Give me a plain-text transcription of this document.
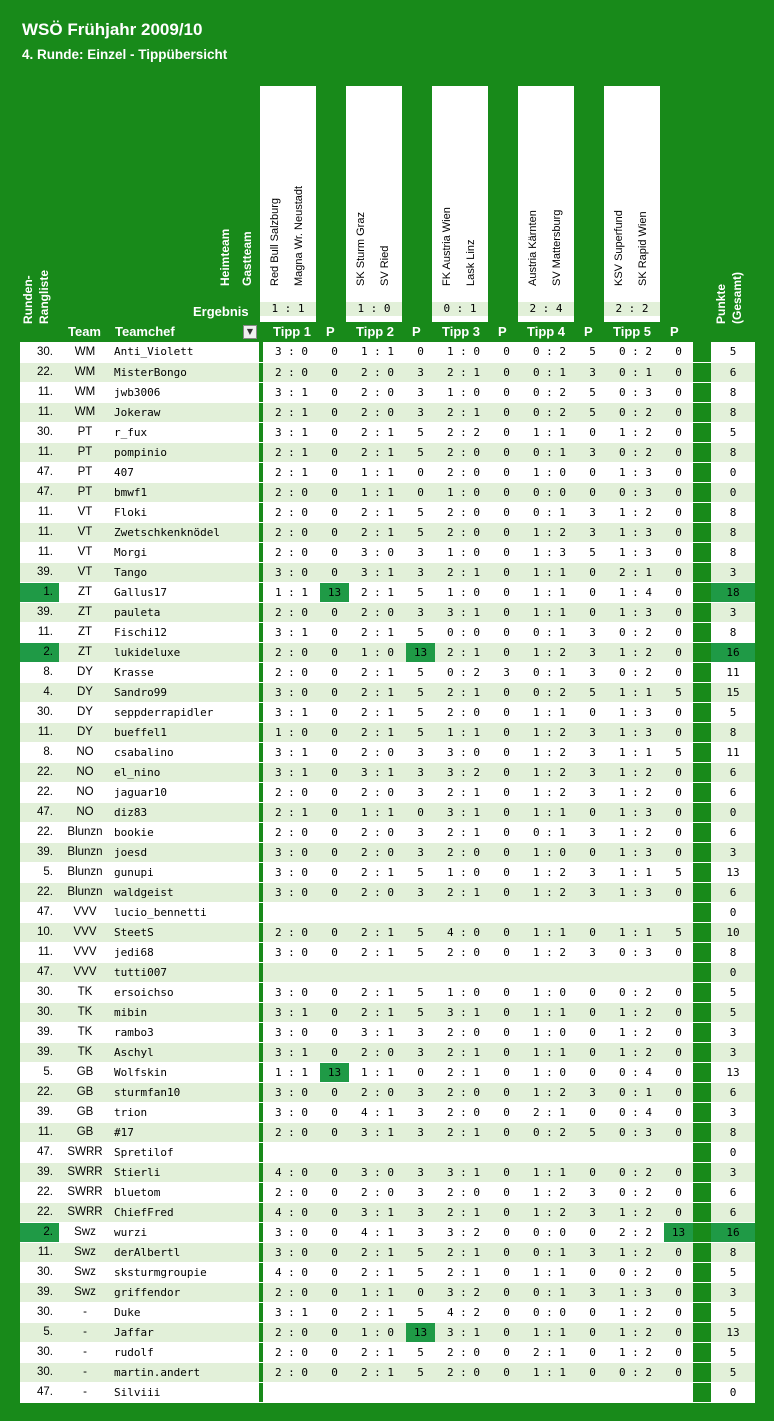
WSÖ Frühjahr 2009/10
4. Runde: Einzel - Tippübersicht
Heimteam Gastteam Red Bull Salzburg Magna Wr. Neustadt
1 : 1
SK Sturm Graz SV Ried
1 : 0
FK Austria Wien Lask Linz
0 : 1
Austria Kärnten SV Mattersburg
2 : 4
KSV Superfund SK Rapid Wien
2 : 2
Runden- Rangliste	Punkte (Gesamt)
Ergebnis
Team Teamchef	▼	Tipp 1 P Tipp 2 P Tipp 3 P Tipp 4 P Tipp 5 P
30.	WM	Anti_Violett		3 : 0	0	1 : 1	0	1 : 0	0	0 : 2	5	0 : 2	0		5
22.	WM	MisterBongo		2 : 0	0	2 : 0	3	2 : 1	0	0 : 1	3	0 : 1	0		6
11.	WM	jwb3006		3 : 1	0	2 : 0	3	1 : 0	0	0 : 2	5	0 : 3	0		8
11.	WM	Jokeraw		2 : 1	0	2 : 0	3	2 : 1	0	0 : 2	5	0 : 2	0		8
30.	PT	r_fux		3 : 1	0	2 : 1	5	2 : 2	0	1 : 1	0	1 : 2	0		5
11.	PT	pompinio		2 : 1	0	2 : 1	5	2 : 0	0	0 : 1	3	0 : 2	0		8
47.	PT	407		2 : 1	0	1 : 1	0	2 : 0	0	1 : 0	0	1 : 3	0		0
47.	PT	bmwf1		2 : 0	0	1 : 1	0	1 : 0	0	0 : 0	0	0 : 3	0		0
11.	VT	Floki		2 : 0	0	2 : 1	5	2 : 0	0	0 : 1	3	1 : 2	0		8
11.	VT	Zwetschkenknödel		2 : 0	0	2 : 1	5	2 : 0	0	1 : 2	3	1 : 3	0		8
11.	VT	Morgi		2 : 0	0	3 : 0	3	1 : 0	0	1 : 3	5	1 : 3	0		8
39.	VT	Tango		3 : 0	0	3 : 1	3	2 : 1	0	1 : 1	0	2 : 1	0		3
1.	ZT	Gallus17		1 : 1	13	2 : 1	5	1 : 0	0	1 : 1	0	1 : 4	0		18
39.	ZT	pauleta		2 : 0	0	2 : 0	3	3 : 1	0	1 : 1	0	1 : 3	0		3
11.	ZT	Fischi12		3 : 1	0	2 : 1	5	0 : 0	0	0 : 1	3	0 : 2	0		8
2.	ZT	lukideluxe		2 : 0	0	1 : 0	13	2 : 1	0	1 : 2	3	1 : 2	0		16
8.	DY	Krasse		2 : 0	0	2 : 1	5	0 : 2	3	0 : 1	3	0 : 2	0		11
4.	DY	Sandro99		3 : 0	0	2 : 1	5	2 : 1	0	0 : 2	5	1 : 1	5		15
30.	DY	seppderrapidler		3 : 1	0	2 : 1	5	2 : 0	0	1 : 1	0	1 : 3	0		5
11.	DY	bueffel1		1 : 0	0	2 : 1	5	1 : 1	0	1 : 2	3	1 : 3	0		8
8.	NO	csabalino		3 : 1	0	2 : 0	3	3 : 0	0	1 : 2	3	1 : 1	5		11
22.	NO	el_nino		3 : 1	0	3 : 1	3	3 : 2	0	1 : 2	3	1 : 2	0		6
22.	NO	jaguar10		2 : 0	0	2 : 0	3	2 : 1	0	1 : 2	3	1 : 2	0		6
47.	NO	diz83		2 : 1	0	1 : 1	0	3 : 1	0	1 : 1	0	1 : 3	0		0
22.	Blunzn	bookie		2 : 0	0	2 : 0	3	2 : 1	0	0 : 1	3	1 : 2	0		6
39.	Blunzn	joesd		3 : 0	0	2 : 0	3	2 : 0	0	1 : 0	0	1 : 3	0		3
5.	Blunzn	gunupi		3 : 0	0	2 : 1	5	1 : 0	0	1 : 2	3	1 : 1	5		13
22.	Blunzn	waldgeist		3 : 0	0	2 : 0	3	2 : 1	0	1 : 2	3	1 : 3	0		6
47.	VVV	lucio_bennetti													0
10.	VVV	SteetS		2 : 0	0	2 : 1	5	4 : 0	0	1 : 1	0	1 : 1	5		10
11.	VVV	jedi68		3 : 0	0	2 : 1	5	2 : 0	0	1 : 2	3	0 : 3	0		8
47.	VVV	tutti007													0
30.	TK	ersoichso		3 : 0	0	2 : 1	5	1 : 0	0	1 : 0	0	0 : 2	0		5
30.	TK	mibin		3 : 1	0	2 : 1	5	3 : 1	0	1 : 1	0	1 : 2	0		5
39.	TK	rambo3		3 : 0	0	3 : 1	3	2 : 0	0	1 : 0	0	1 : 2	0		3
39.	TK	Aschyl		3 : 1	0	2 : 0	3	2 : 1	0	1 : 1	0	1 : 2	0		3
5.	GB	Wolfskin		1 : 1	13	1 : 1	0	2 : 1	0	1 : 0	0	0 : 4	0		13
22.	GB	sturmfan10		3 : 0	0	2 : 0	3	2 : 0	0	1 : 2	3	0 : 1	0		6
39.	GB	trion		3 : 0	0	4 : 1	3	2 : 0	0	2 : 1	0	0 : 4	0		3
11.	GB	#17		2 : 0	0	3 : 1	3	2 : 1	0	0 : 2	5	0 : 3	0		8
47.	SWRR	Spretilof													0
39.	SWRR	Stierli		4 : 0	0	3 : 0	3	3 : 1	0	1 : 1	0	0 : 2	0		3
22.	SWRR	bluetom		2 : 0	0	2 : 0	3	2 : 0	0	1 : 2	3	0 : 2	0		6
22.	SWRR	ChiefFred		4 : 0	0	3 : 1	3	2 : 1	0	1 : 2	3	1 : 2	0		6
2.	Swz	wurzi		3 : 0	0	4 : 1	3	3 : 2	0	0 : 0	0	2 : 2	13		16
11.	Swz	derAlbertl		3 : 0	0	2 : 1	5	2 : 1	0	0 : 1	3	1 : 2	0		8
30.	Swz	sksturmgroupie		4 : 0	0	2 : 1	5	2 : 1	0	1 : 1	0	0 : 2	0		5
39.	Swz	griffendor		2 : 0	0	1 : 1	0	3 : 2	0	0 : 1	3	1 : 3	0		3
30.	-	Duke		3 : 1	0	2 : 1	5	4 : 2	0	0 : 0	0	1 : 2	0		5
5.	-	Jaffar		2 : 0	0	1 : 0	13	3 : 1	0	1 : 1	0	1 : 2	0		13
30.	-	rudolf		2 : 0	0	2 : 1	5	2 : 0	0	2 : 1	0	1 : 2	0		5
30.	-	martin.andert		2 : 0	0	2 : 1	5	2 : 0	0	1 : 1	0	0 : 2	0		5
47.	-	Silviii													0
